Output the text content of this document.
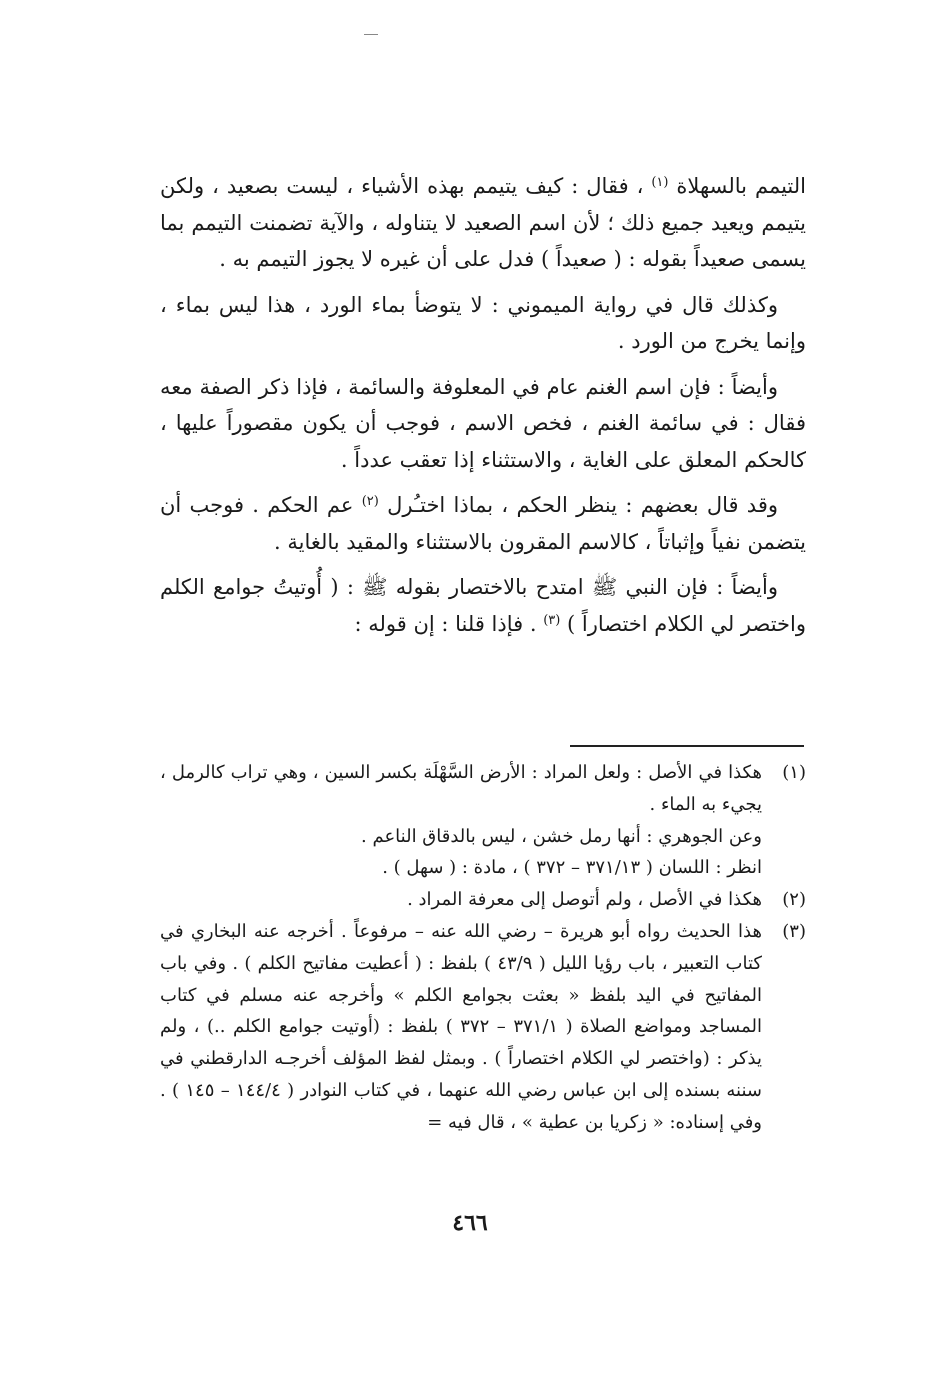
التيمم بالسهلاة $^{(١)}$ ، فقال : كيف يتيمم بهذه الأشياء ، ليست بصعيد ، ولكن يتيمم ويعيد جميع ذلك ؛ لأن اسم الصعيد لا يتناوله ، والآية تضمنت التيمم بما يسمى صعيداً بقوله : ( صعيداً ) فدل على أن غيره لا يجوز التيمم به .

وكذلك قال في رواية الميموني : لا يتوضأ بماء الورد ، هذا ليس بماء ، وإنما يخرج من الورد .

وأيضاً : فإن اسم الغنم عام في المعلوفة والسائمة ، فإذا ذكر الصفة معه فقال : في سائمة الغنم ، فخص الاسم ، فوجب أن يكون مقصوراً عليها ، كالحكم المعلق على الغاية ، والاستثناء إذا تعقب عدداً .

وقد قال بعضهم : ينظر الحكم ، بماذا اختـُرل $^{(٢)}$ عم الحكم . فوجب أن يتضمن نفياً وإثباتاً ، كالاسم المقرون بالاستثناء والمقيد بالغاية .

وأيضاً : فإن النبي ﷺ امتدح بالاختصار بقوله ﷺ : ( أُوتيتُ جوامع الكلم واختصر لي الكلام اختصاراً ) $^{(٣)}$ . فإذا قلنا : إن قوله :

(١)
هكذا في الأصل : ولعل المراد : الأرض السَّهْلَة بكسر السين ، وهي تراب كالرمل ، يجيء به الماء .
وعن الجوهري : أنها رمل خشن ، ليس بالدقاق الناعم .
انظر : اللسان ( ٣٧١/١٣ – ٣٧٢ ) ، مادة : ( سهل ) .
(٢)
هكذا في الأصل ، ولم أتوصل إلى معرفة المراد .
(٣)
هذا الحديث رواه أبو هريرة – رضي الله عنه – مرفوعاً . أخرجه عنه البخاري في كتاب التعبير ، باب رؤيا الليل ( ٤٣/٩ ) بلفظ : ( أعطيت مفاتيح الكلم ) . وفي باب المفاتيح في اليد بلفظ « بعثت بجوامع الكلم » وأخرجه عنه مسلم في كتاب المساجد ومواضع الصلاة ( ٣٧١/١ – ٣٧٢ ) بلفظ : (أوتيت جوامع الكلم ..) ، ولم يذكر : (واختصر لي الكلام اختصاراً ) . وبمثل لفظ المؤلف أخرجـه الدارقطني في سننه بسنده إلى ابن عباس رضي الله عنهما ، في كتاب النوادر ( ١٤٤/٤ – ١٤٥ ) . وفي إسناده: « زكريا بن عطية » ، قال فيه =
٤٦٦
